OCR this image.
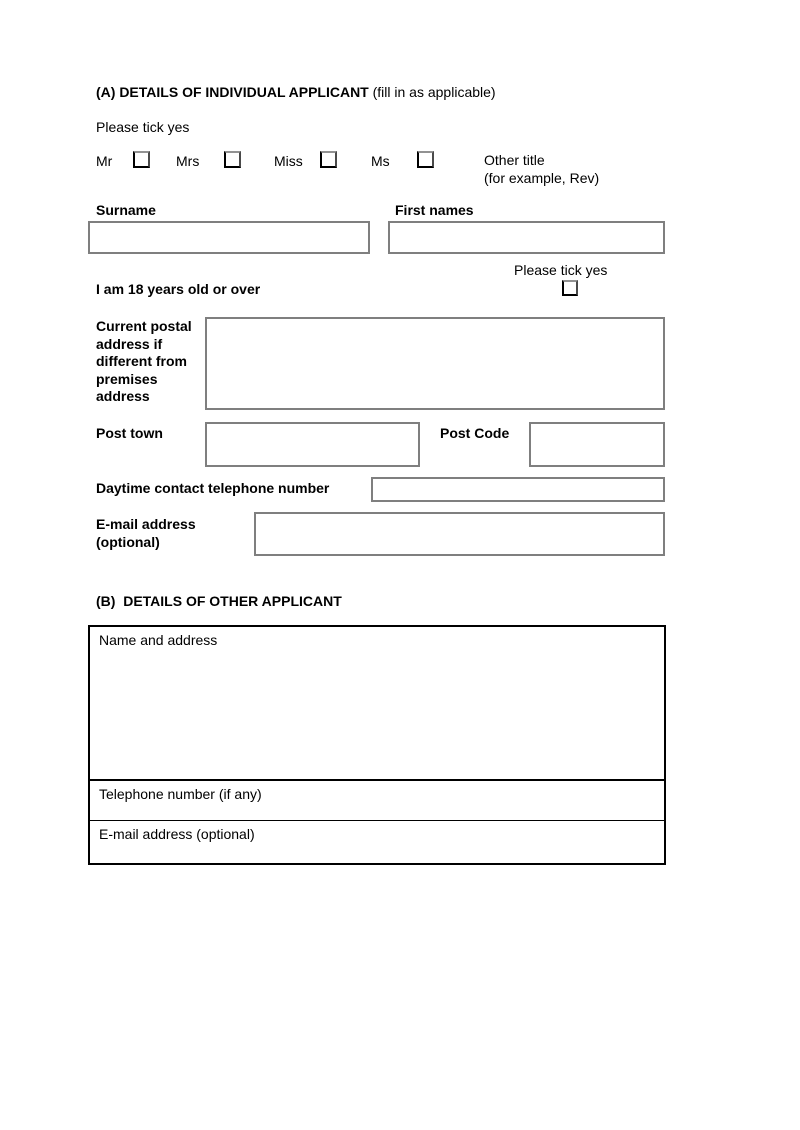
(A) DETAILS OF INDIVIDUAL APPLICANT (fill in as applicable)
Please tick yes
Mr	Mrs	Miss	Ms	Other title
(for example, Rev)
Surname	First names
Please tick yes
I am 18 years old or over
Current postal address if different from premises address
Post town	Post Code
Daytime contact telephone number
E-mail address (optional)
(B)  DETAILS OF OTHER APPLICANT
Name and address
Telephone number (if any)
E-mail address (optional)
